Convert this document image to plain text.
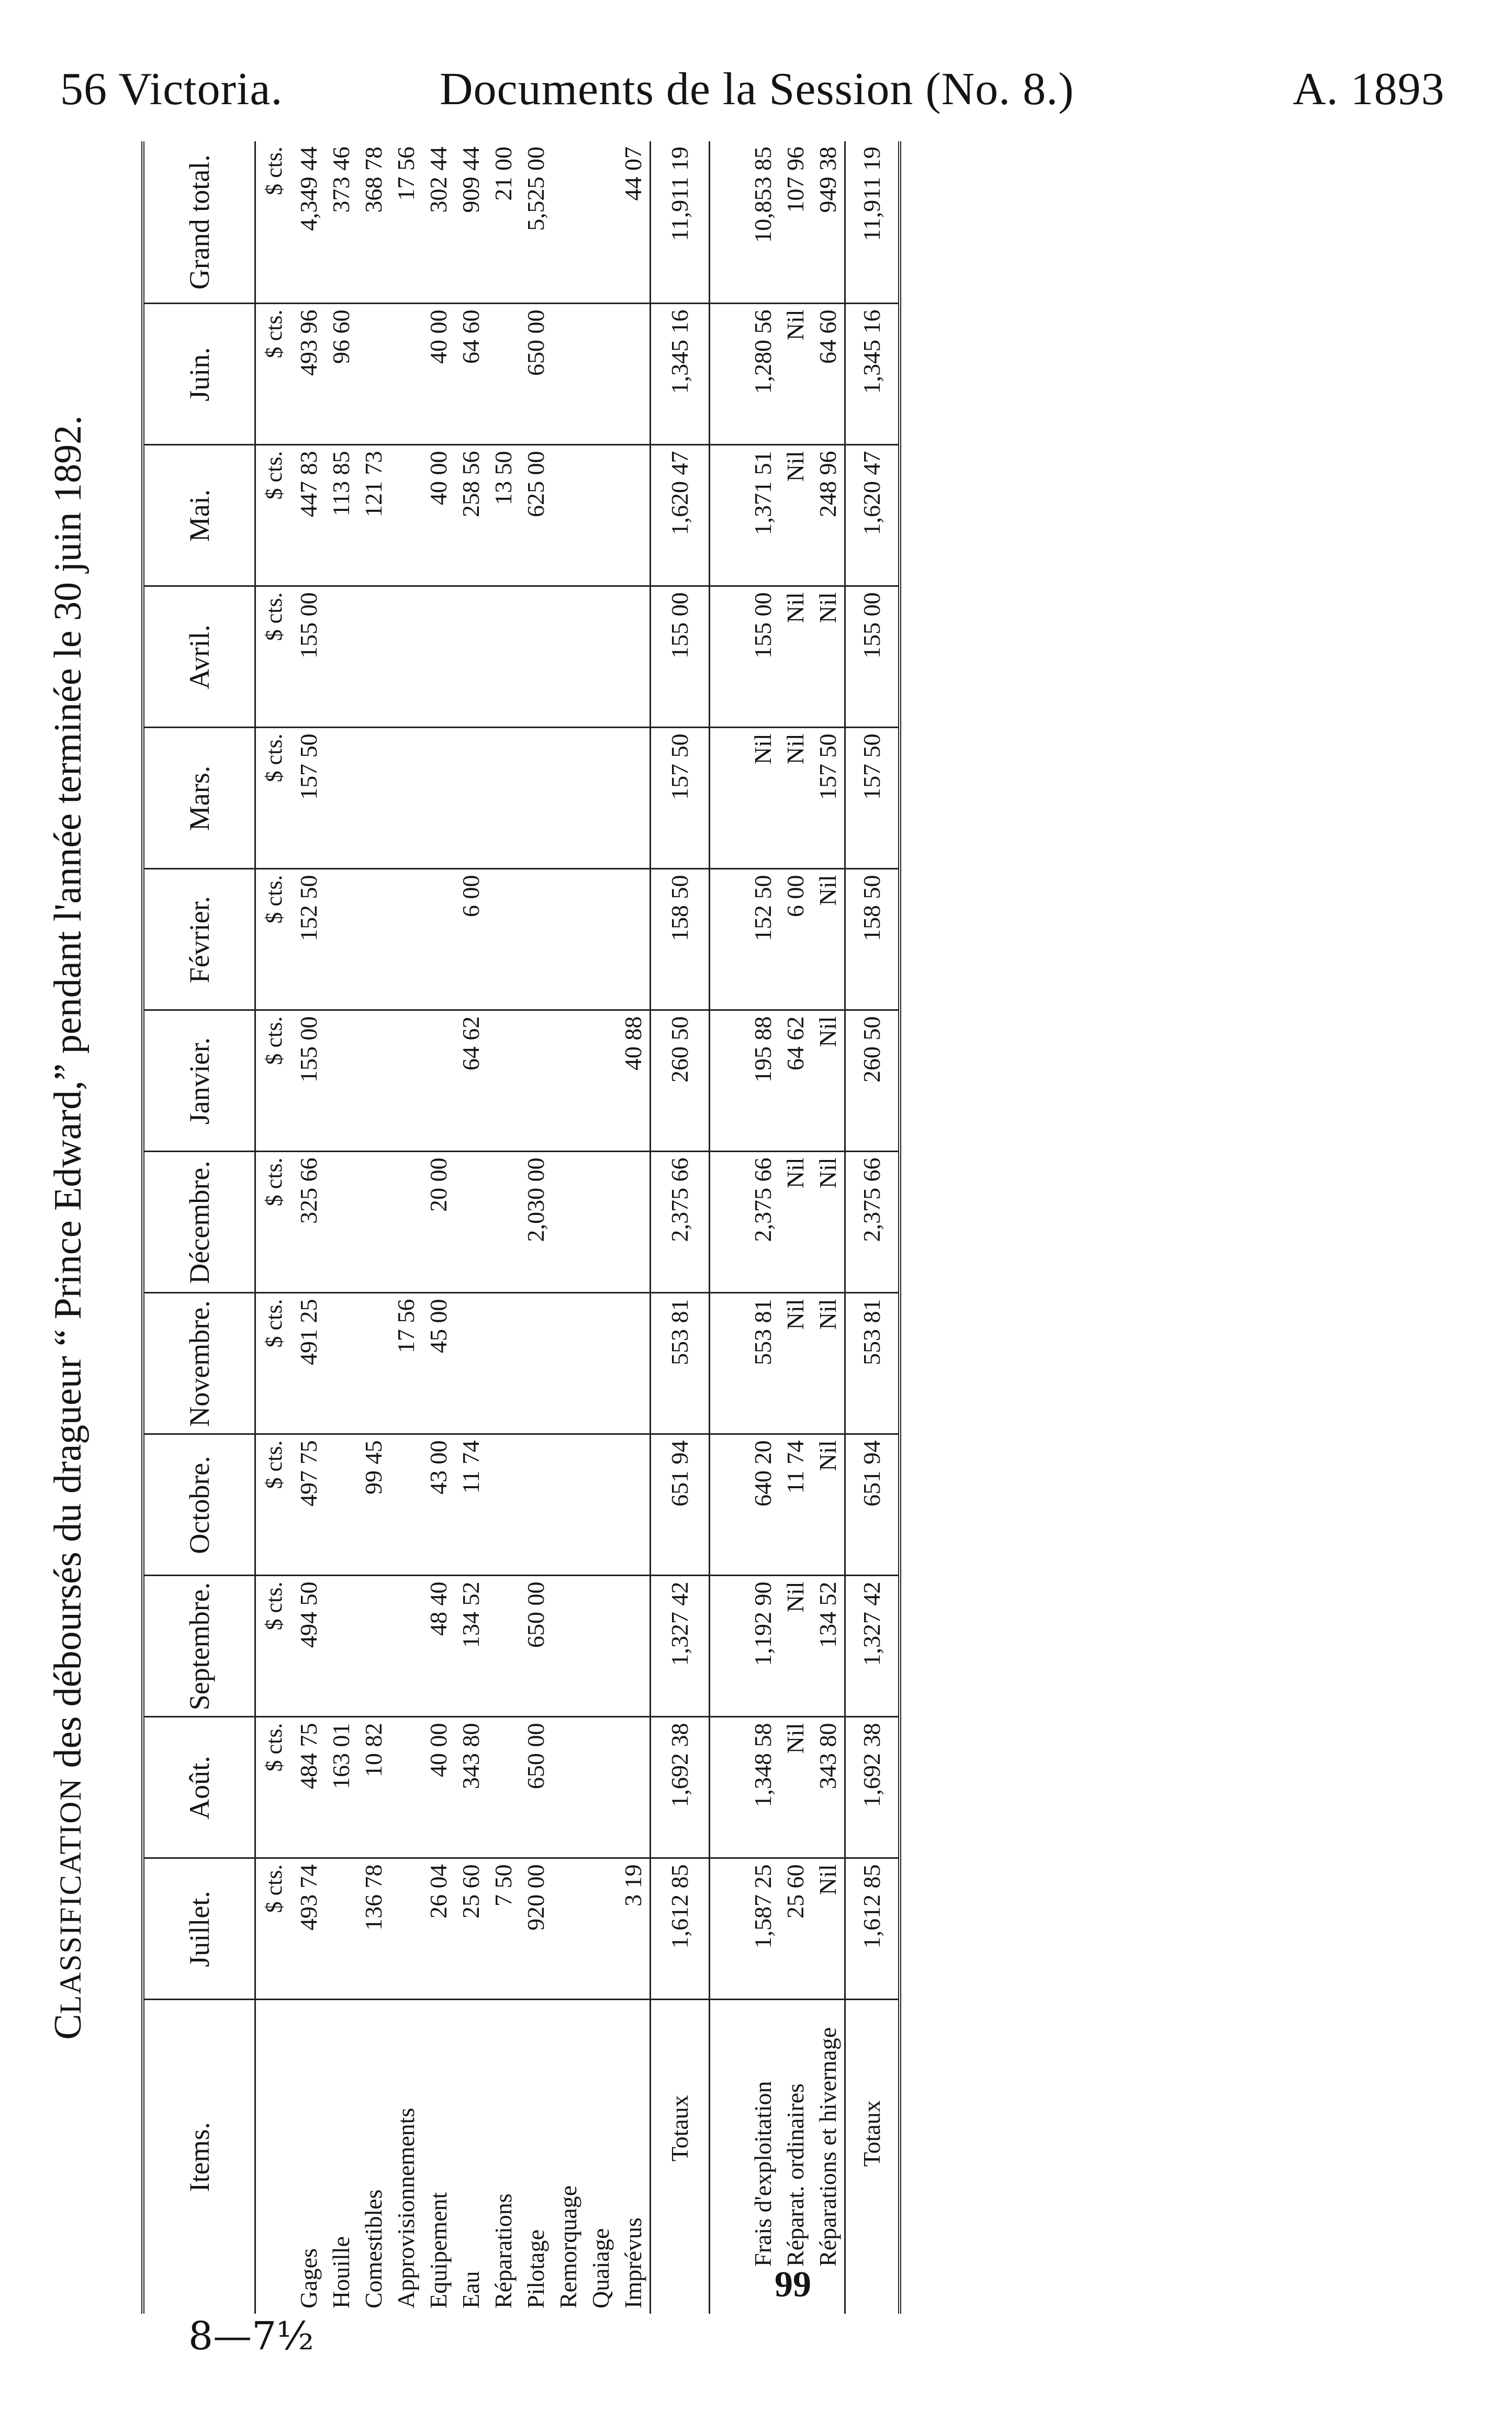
56 Victoria.	Documents de la Session (No. 8.)	A. 1893
CLASSIFICATION des déboursés du dragueur “ Prince Edward,” pendant l'année terminée le 30 juin 1892.
Items.	Juillet.	Août.	Septembre.	Octobre.	Novembre.	Décembre.	Janvier.	Février.	Mars.	Avril.	Mai.	Juin.	Grand total.
	$ cts.	$ cts.	$ cts.	$ cts.	$ cts.	$ cts.	$ cts.	$ cts.	$ cts.	$ cts.	$ cts.	$ cts.	$ cts.
Gages	493 74	484 75	494 50	497 75	491 25	325 66	155 00	152 50	157 50	155 00	447 83	493 96	4,349 44
Houille		163 01									113 85	96 60	373 46
Comestibles	136 78	10 82		99 45							121 73		368 78
Approvisionnements					17 56								17 56
Equipement	26 04	40 00	48 40	43 00	45 00	20 00					40 00	40 00	302 44
Eau	25 60	343 80	134 52	11 74			64 62	6 00			258 56	64 60	909 44
Réparations	7 50										13 50		21 00
Pilotage	920 00	650 00	650 00			2,030 00					625 00	650 00	5,525 00
Remorquage													
Quaiage													
Imprévus	3 19						40 88						44 07
Totaux	1,612 85	1,692 38	1,327 42	651 94	553 81	2,375 66	260 50	158 50	157 50	155 00	1,620 47	1,345 16	11,911 19

Frais d'exploitation	1,587 25	1,348 58	1,192 90	640 20	553 81	2,375 66	195 88	152 50	Nil	155 00	1,371 51	1,280 56	10,853 85
Réparat. ordinaires	25 60	Nil	Nil	11 74	Nil	Nil	64 62	6 00	Nil	Nil	Nil	Nil	107 96
Réparations et hivernage	Nil	343 80	134 52	Nil	Nil	Nil	Nil	Nil	157 50	Nil	248 96	64 60	949 38
Totaux	1,612 85	1,692 38	1,327 42	651 94	553 81	2,375 66	260 50	158 50	157 50	155 00	1,620 47	1,345 16	11,911 19
99
8—7½
